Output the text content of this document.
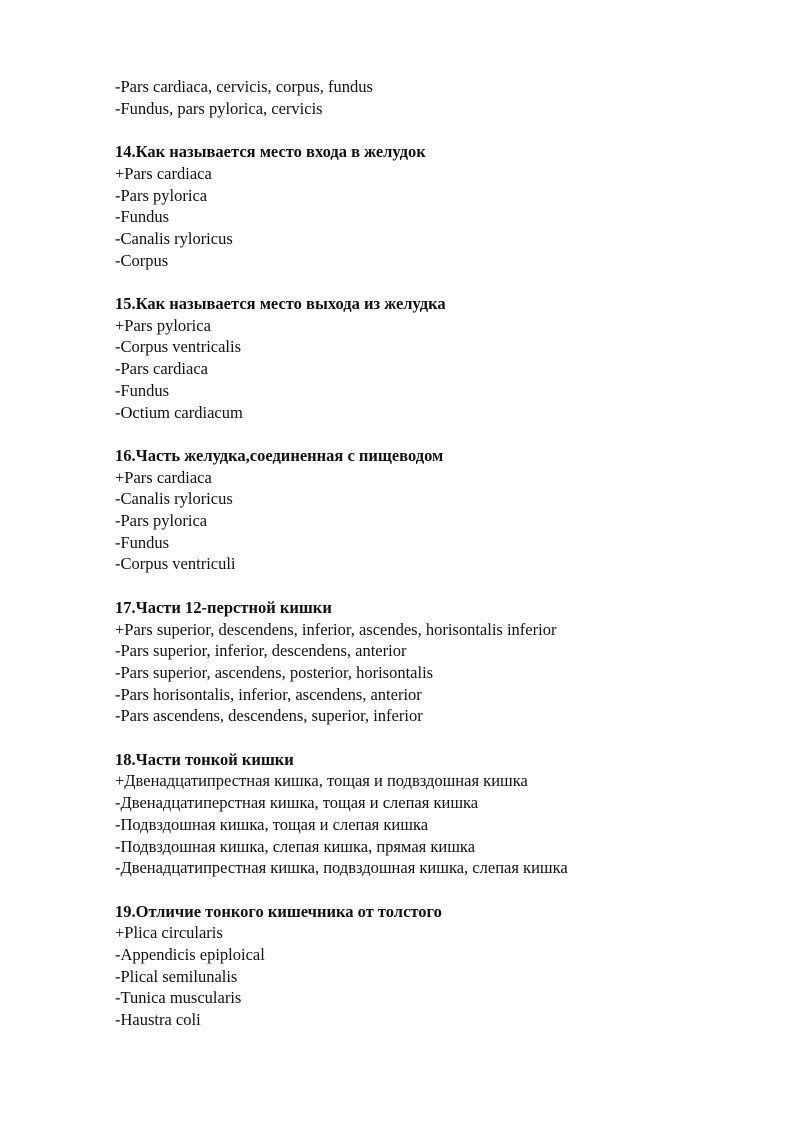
-Pars cardiaca, cervicis, corpus, fundus

-Fundus, pars pylorica, cervicis

14.Как называется место входа в желудок

+Pars cardiaca

-Pars pylorica

-Fundus

-Canalis ryloricus

-Corpus

15.Как называется место выхода из желудка

+Pars pylorica

-Corpus ventricalis

-Pars cardiaca

-Fundus

-Octium cardiacum

16.Часть желудка,соединенная с пищеводом

+Pars cardiaca

-Canalis ryloricus

-Pars pylorica

-Fundus

-Corpus ventriculi

17.Части 12-перстной кишки

+Pars superior, descendens, inferior, ascendes, horisontalis inferior

-Pars superior, inferior, descendens, anterior

-Pars superior, ascendens, posterior, horisontalis

-Pars horisontalis, inferior, ascendens, anterior

-Pars ascendens, descendens, superior, inferior

18.Части тонкой кишки

+Двенадцатипрестная кишка, тощая и подвздошная кишка

-Двенадцатиперстная кишка, тощая и слепая кишка

-Подвздошная кишка, тощая и слепая кишка

-Подвздошная кишка, слепая кишка, прямая кишка

-Двенадцатипрестная кишка, подвздошная кишка, слепая кишка

19.Отличие тонкого кишечника от толстого

+Plica circularis

-Appendicis epiploical

-Plical semilunalis

-Tunica muscularis

-Haustra coli
